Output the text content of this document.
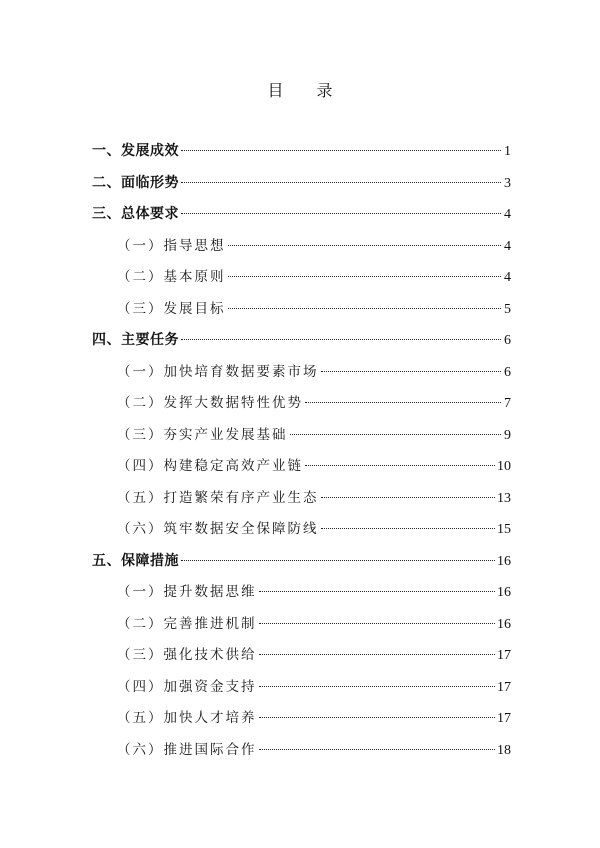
目 录
一、发展成效	1
二、面临形势	3
三、总体要求	4
（一）指导思想	4
（二）基本原则	4
（三）发展目标	5
四、主要任务	6
（一）加快培育数据要素市场	6
（二）发挥大数据特性优势	7
（三）夯实产业发展基础	9
（四）构建稳定高效产业链	10
（五）打造繁荣有序产业生态	13
（六）筑牢数据安全保障防线	15
五、保障措施	16
（一）提升数据思维	16
（二）完善推进机制	16
（三）强化技术供给	17
（四）加强资金支持	17
（五）加快人才培养	17
（六）推进国际合作	18
